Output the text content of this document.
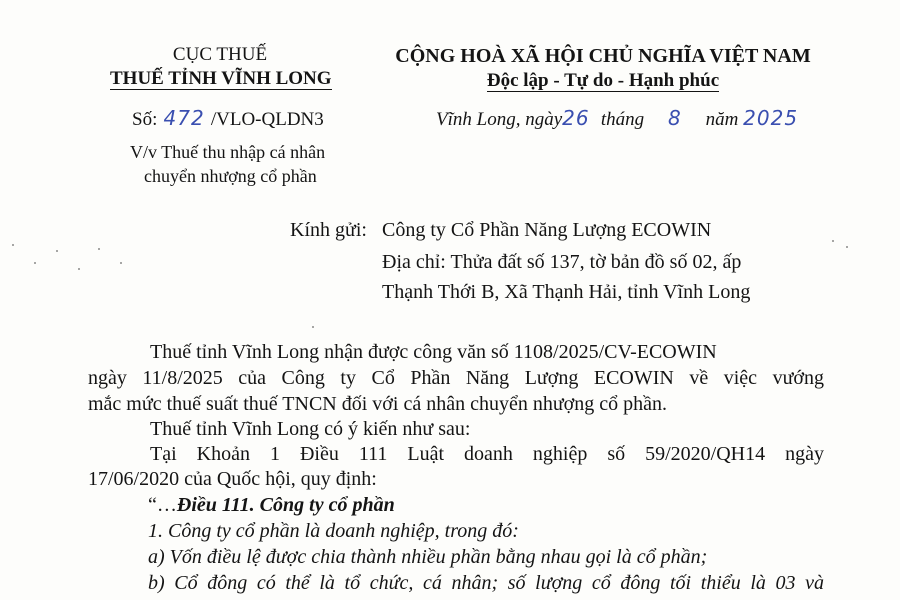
CỤC THUẾ
THUẾ TỈNH VĨNH LONG
Số: 472 /VLO-QLDN3
V/v Thuế thu nhập cá nhân
chuyển nhượng cổ phần
CỘNG HOÀ XÃ HỘI CHỦ NGHĨA VIỆT NAM
Độc lập - Tự do - Hạnh phúc
Vĩnh Long, ngày26 tháng 8 năm 2025
Kính gửi: Công ty Cổ Phần Năng Lượng ECOWIN
Địa chỉ: Thửa đất số 137, tờ bản đồ số 02, ấp
Thạnh Thới B, Xã Thạnh Hải, tỉnh Vĩnh Long
Thuế tỉnh Vĩnh Long nhận được công văn số 1108/2025/CV-ECOWIN
ngày 11/8/2025 của Công ty Cổ Phần Năng Lượng ECOWIN về việc vướng
mắc mức thuế suất thuế TNCN đối với cá nhân chuyển nhượng cổ phần.
Thuế tỉnh Vĩnh Long có ý kiến như sau:
Tại Khoản 1 Điều 111 Luật doanh nghiệp số 59/2020/QH14 ngày
17/06/2020 của Quốc hội, quy định:
“…Điều 111. Công ty cổ phần
1. Công ty cổ phần là doanh nghiệp, trong đó:
a) Vốn điều lệ được chia thành nhiều phần bằng nhau gọi là cổ phần;
b) Cổ đông có thể là tổ chức, cá nhân; số lượng cổ đông tối thiểu là 03 và
